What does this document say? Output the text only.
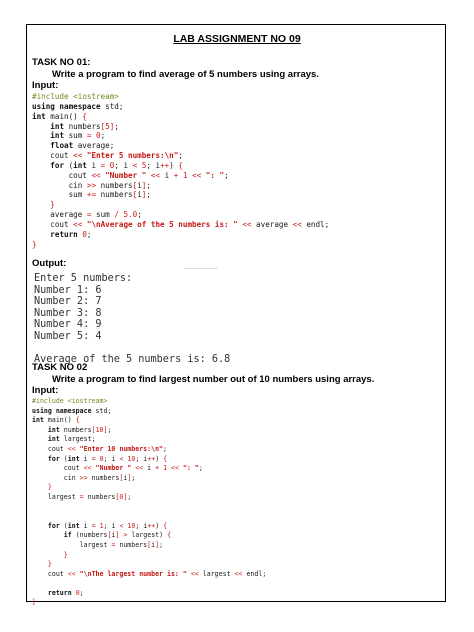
LAB ASSIGNMENT NO 09
TASK NO 01:
Write a program to find average of 5 numbers using arrays.
Input:
#include <iostream>
using namespace std;
int main() {
int numbers[5];
int sum = 0;
float average;
cout << "Enter 5 numbers:\n";
for (int i = 0; i < 5; i++) {
cout << "Number " << i + 1 << ": ";
cin >> numbers[i];
sum += numbers[i];
}
average = sum / 5.0;
cout << "\nAverage of the 5 numbers is: " << average << endl;
return 0;
}
Output:
Enter 5 numbers:
Number 1: 6
Number 2: 7
Number 3: 8
Number 4: 9
Number 5: 4

Average of the 5 numbers is: 6.8
TASK NO 02
Write a program to find largest number out of 10 numbers using arrays.
Input:
#include <iostream>
using namespace std;
int main() {
int numbers[10];
int largest;
cout << "Enter 10 numbers:\n";
for (int i = 0; i < 10; i++) {
cout << "Number " << i + 1 << ": ";
cin >> numbers[i];
}
largest = numbers[0];

for (int i = 1; i < 10; i++) {
if (numbers[i] > largest) {
largest = numbers[i];
}
}
cout << "\nThe largest number is: " << largest << endl;

return 0;
}
